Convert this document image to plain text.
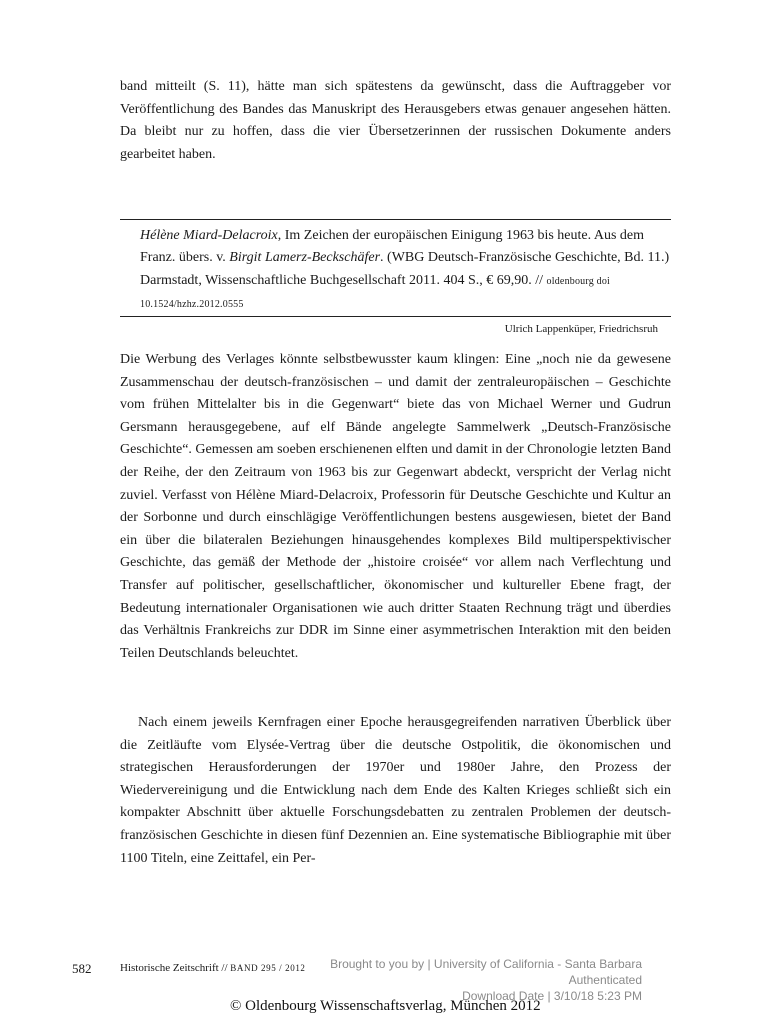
band mitteilt (S. 11), hätte man sich spätestens da gewünscht, dass die Auftraggeber vor Veröffentlichung des Bandes das Manuskript des Herausgebers etwas genauer angesehen hätten. Da bleibt nur zu hoffen, dass die vier Übersetzerinnen der russischen Dokumente anders gearbeitet haben.

Hélène Miard-Delacroix, Im Zeichen der europäischen Einigung 1963 bis heute. Aus dem Franz. übers. v. Birgit Lamerz-Beckschäfer. (WBG Deutsch-Französische Geschichte, Bd. 11.) Darmstadt, Wissenschaftliche Buchgesellschaft 2011. 404 S., € 69,90. // oldenbourg doi 10.1524/hzhz.2012.0555

Ulrich Lappenküper, Friedrichsruh

Die Werbung des Verlages könnte selbstbewusster kaum klingen: Eine „noch nie da gewesene Zusammenschau der deutsch-französischen – und damit der zentraleuropäischen – Geschichte vom frühen Mittelalter bis in die Gegenwart“ biete das von Michael Werner und Gudrun Gersmann herausgegebene, auf elf Bände angelegte Sammelwerk „Deutsch-Französische Geschichte“. Gemessen am soeben erschienenen elften und damit in der Chronologie letzten Band der Reihe, der den Zeitraum von 1963 bis zur Gegenwart abdeckt, verspricht der Verlag nicht zuviel. Verfasst von Hélène Miard-Delacroix, Professorin für Deutsche Geschichte und Kultur an der Sorbonne und durch einschlägige Veröffentlichungen bestens ausgewiesen, bietet der Band ein über die bilateralen Beziehungen hinausgehendes komplexes Bild multiperspektivischer Geschichte, das gemäß der Methode der „histoire croisée“ vor allem nach Verflechtung und Transfer auf politischer, gesellschaftlicher, ökonomischer und kultureller Ebene fragt, der Bedeutung internationaler Organisationen wie auch dritter Staaten Rechnung trägt und überdies das Verhältnis Frankreichs zur DDR im Sinne einer asymmetrischen Interaktion mit den beiden Teilen Deutschlands beleuchtet.

Nach einem jeweils Kernfragen einer Epoche herausgegreifenden narrativen Überblick über die Zeitläufte vom Elysée-Vertrag über die deutsche Ostpolitik, die ökonomischen und strategischen Herausforderungen der 1970er und 1980er Jahre, den Prozess der Wiedervereinigung und die Entwicklung nach dem Ende des Kalten Krieges schließt sich ein kompakter Abschnitt über aktuelle Forschungsdebatten zu zentralen Problemen der deutsch-französischen Geschichte in diesen fünf Dezennien an. Eine systematische Bibliographie mit über 1100 Titeln, eine Zeittafel, ein Per-

582	Historische Zeitschrift // BAND 295 / 2012	Brought to you by | University of California - Santa Barbara
Authenticated
Download Date | 3/10/18 5:23 PM
© Oldenbourg Wissenschaftsverlag, München 2012
